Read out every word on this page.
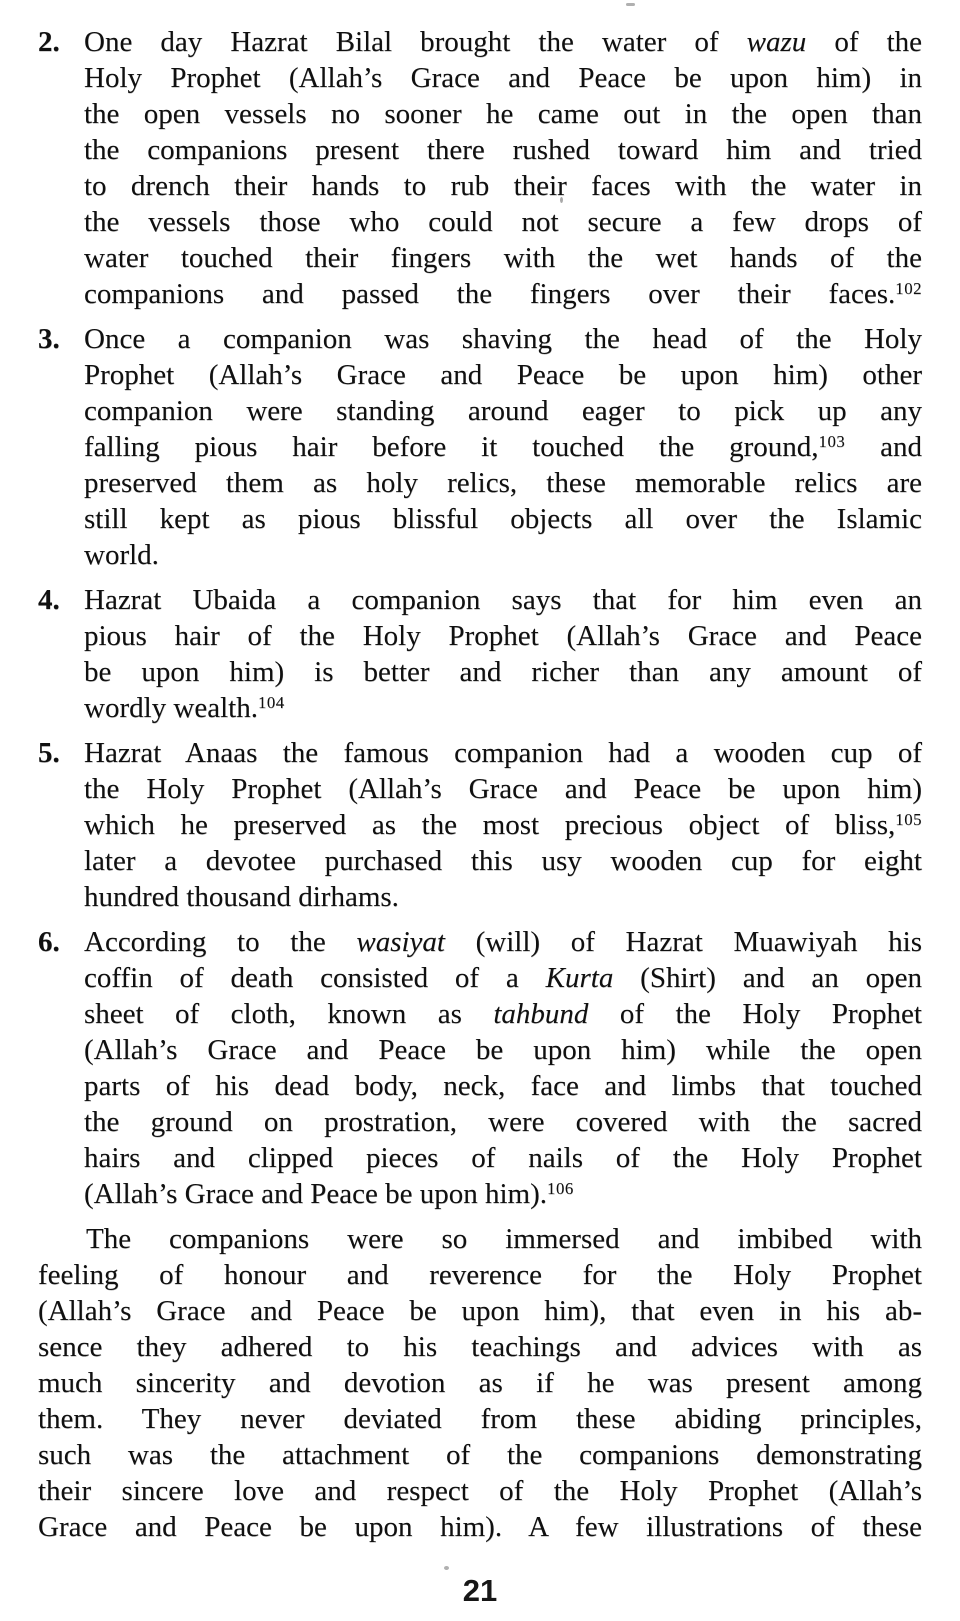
2. One day Hazrat Bilal brought the water of wazu of the
Holy Prophet (Allah’s Grace and Peace be upon him) in
the open vessels no sooner he came out in the open than
the companions present there rushed toward him and tried
to drench their hands to rub their faces with the water in
the vessels those who could not secure a few drops of
water touched their fingers with the wet hands of the
companions and passed the fingers over their faces.$^{102}$
3. Once a companion was shaving the head of the Holy
Prophet (Allah’s Grace and Peace be upon him) other
companion were standing around eager to pick up any
falling pious hair before it touched the ground,$^{103}$ and
preserved them as holy relics, these memorable relics are
still kept as pious blissful objects all over the Islamic
world.
4. Hazrat Ubaida a companion says that for him even an
pious hair of the Holy Prophet (Allah’s Grace and Peace
be upon him) is better and richer than any amount of
wordly wealth.$^{104}$
5. Hazrat Anaas the famous companion had a wooden cup of
the Holy Prophet (Allah’s Grace and Peace be upon him)
which he preserved as the most precious object of bliss,$^{105}$
later a devotee purchased this usy wooden cup for eight
hundred thousand dirhams.
6. According to the wasiyat (will) of Hazrat Muawiyah his
coffin of death consisted of a Kurta (Shirt) and an open
sheet of cloth, known as tahbund of the Holy Prophet
(Allah’s Grace and Peace be upon him) while the open
parts of his dead body, neck, face and limbs that touched
the ground on prostration, were covered with the sacred
hairs and clipped pieces of nails of the Holy Prophet
(Allah’s Grace and Peace be upon him).$^{106}$
The companions were so immersed and imbibed with
feeling of honour and reverence for the Holy Prophet
(Allah’s Grace and Peace be upon him), that even in his ab-
sence they adhered to his teachings and advices with as
much sincerity and devotion as if he was present among
them. They never deviated from these abiding principles,
such was the attachment of the companions demonstrating
their sincere love and respect of the Holy Prophet (Allah’s
Grace and Peace be upon him). A few illustrations of these
21
